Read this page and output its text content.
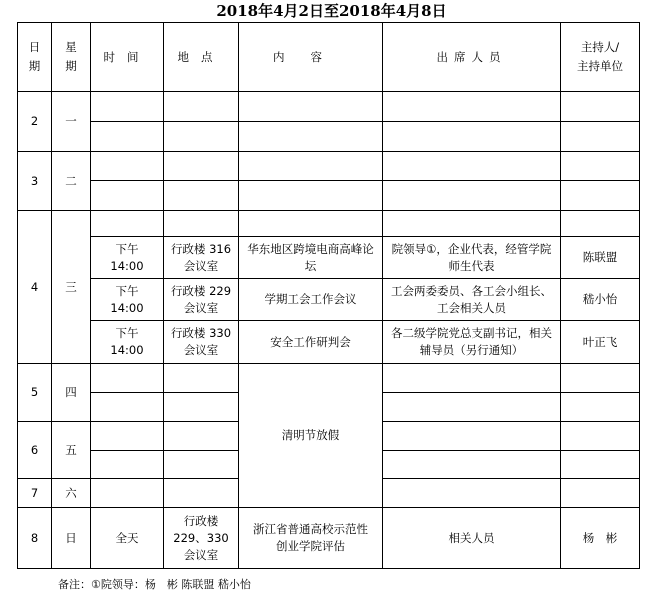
2018年4月2日至2018年4月8日
日期	星期	时间	地点	内容	出席人员	主持人/
主持单位
2	一					

3	二					

4	三					
		下午 14:00	行政楼 316 会议室	华东地区跨境电商高峰论坛	院领导①，企业代表，经管学院师生代表	陈联盟
		下午 14:00	行政楼 229 会议室	学期工会工作会议	工会两委委员、各工会小组长、工会相关人员	嵇小怡
		下午 14:00	行政楼 330 会议室	安全工作研判会	各二级学院党总支副书记，相关辅导员（另行通知）	叶正飞
5	四			清明节放假		

6	五					

7	六					
8	日	全天	行政楼 229、330 会议室	浙江省普通高校示范性创业学院评估	相关人员	杨　彬
备注：①院领导：杨　彬 陈联盟 嵇小怡
